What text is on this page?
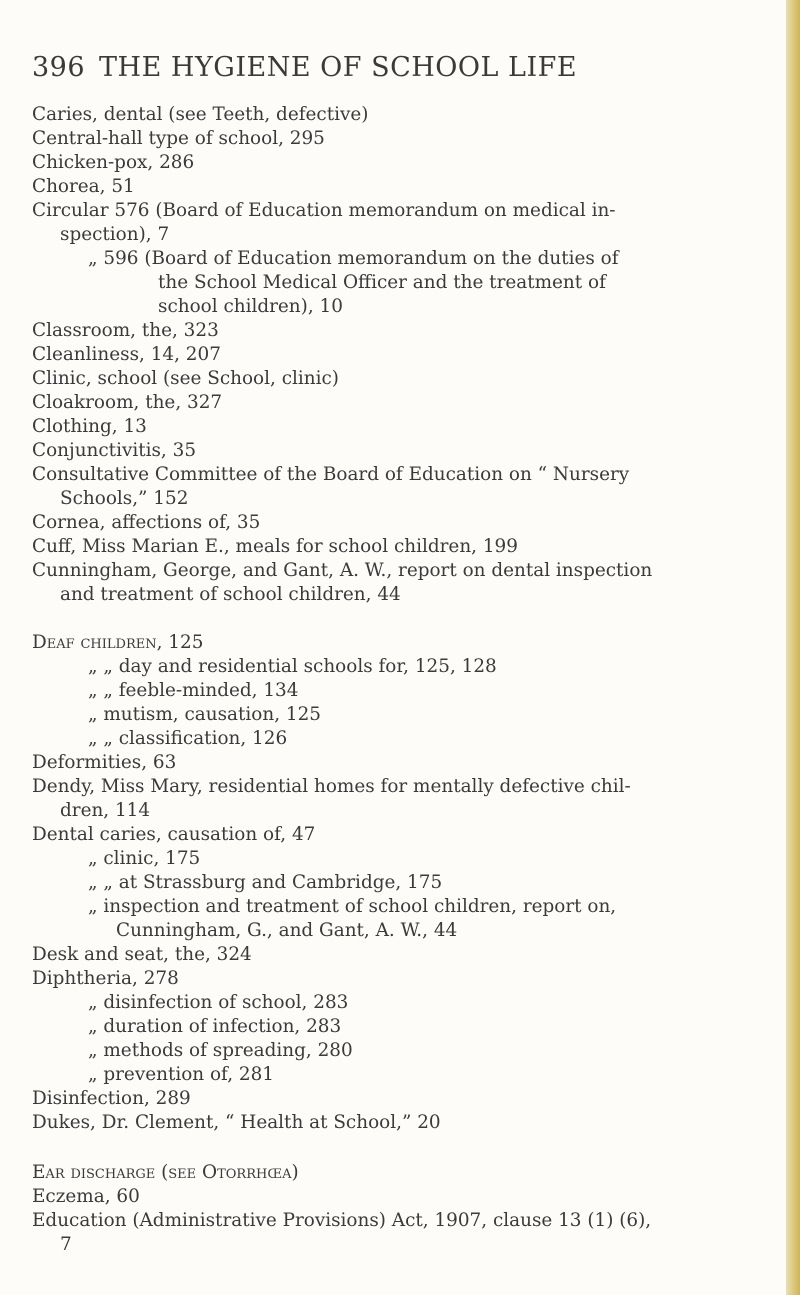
396 THE HYGIENE OF SCHOOL LIFE
Caries, dental (see Teeth, defective)
Central-hall type of school, 295
Chicken-pox, 286
Chorea, 51
Circular 576 (Board of Education memorandum on medical in-
spection), 7
„ 596 (Board of Education memorandum on the duties of
the School Medical Officer and the treatment of
school children), 10
Classroom, the, 323
Cleanliness, 14, 207
Clinic, school (see School, clinic)
Cloakroom, the, 327
Clothing, 13
Conjunctivitis, 35
Consultative Committee of the Board of Education on “ Nursery
Schools,” 152
Cornea, affections of, 35
Cuff, Miss Marian E., meals for school children, 199
Cunningham, George, and Gant, A. W., report on dental inspection
and treatment of school children, 44
Deaf children, 125
„ „ day and residential schools for, 125, 128
„ „ feeble-minded, 134
„ mutism, causation, 125
„ „ classification, 126
Deformities, 63
Dendy, Miss Mary, residential homes for mentally defective chil-
dren, 114
Dental caries, causation of, 47
„ clinic, 175
„ „ at Strassburg and Cambridge, 175
„ inspection and treatment of school children, report on,
Cunningham, G., and Gant, A. W., 44
Desk and seat, the, 324
Diphtheria, 278
„ disinfection of school, 283
„ duration of infection, 283
„ methods of spreading, 280
„ prevention of, 281
Disinfection, 289
Dukes, Dr. Clement, “ Health at School,” 20
Ear discharge (see Otorrhœa)
Eczema, 60
Education (Administrative Provisions) Act, 1907, clause 13 (1) (6),
7
